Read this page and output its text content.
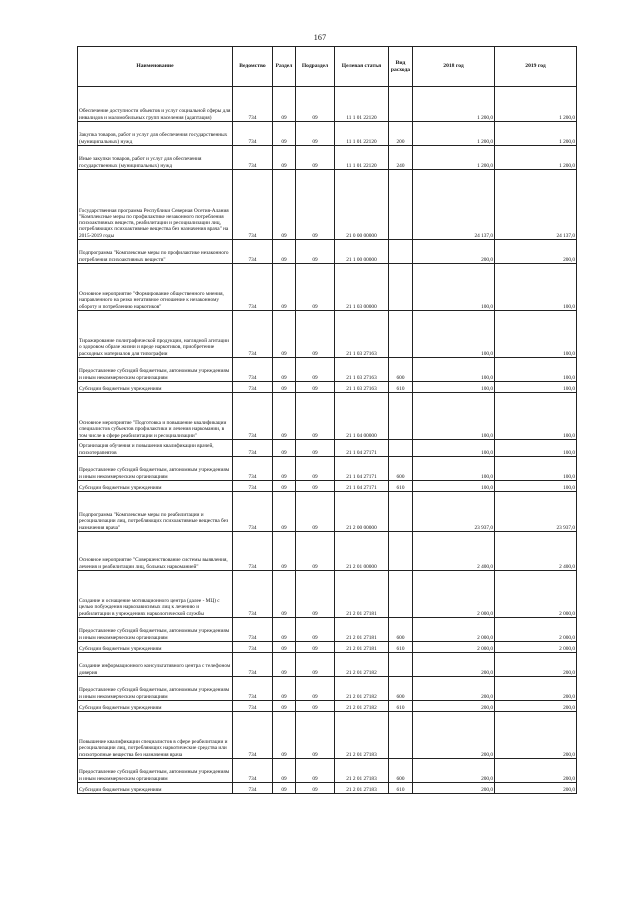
167
Наименование	Ведомство	Раздел	Подраздел	Целевая статья	Вид расхода	2018 год	2019 год
Обеспечение доступности объектов и услуг социальной сферы для инвалидов и маломобильных групп населения (адаптация)	734	09	09	11 1 01 22120		1 200,0	1 200,0
Закупка товаров, работ и услуг для обеспечения государственных (муниципальных) нужд	734	09	09	11 1 01 22120	200	1 200,0	1 200,0
Иные закупки товаров, работ и услуг для обеспечения государственных (муниципальных) нужд	734	09	09	11 1 01 22120	240	1 200,0	1 200,0
Государственная программа Республики Северная Осетия-Алания "Комплексные меры по профилактике незаконного потребления психоактивных веществ, реабилитации и ресоциализации лиц, потребляющих психоактивные вещества без назначения врача" на 2015-2019 годы	734	09	09	21 0 00 00000		24 137,0	24 137,0
Подпрограмма "Комплексные меры по профилактике незаконного потребления психоактивных веществ"	734	09	09	21 1 00 00000		200,0	200,0
Основное мероприятие "Формирование общественного мнения, направленного на резко негативное отношение к незаконному обороту и потреблению наркотиков"	734	09	09	21 1 03 00000		100,0	100,0
Тиражирование полиграфической продукции, наглядной агитации о здоровом образе жизни и вреде наркотиков, приобретение расходных материалов для типографии	734	09	09	21 1 03 27163		100,0	100,0
Предоставление субсидий бюджетным, автономным учреждениям и иным некоммерческим организациям	734	09	09	21 1 03 27163	600	100,0	100,0
Субсидии бюджетным учреждениям	734	09	09	21 1 03 27163	610	100,0	100,0
Основное мероприятие "Подготовка и повышение квалификации специалистов субъектов профилактики и лечения наркомании, в том числе в сфере реабилитации и ресоциализации"	734	09	09	21 1 04 00000		100,0	100,0
Организация обучения и повышения квалификации врачей, психотерапевтов	734	09	09	21 1 04 27171		100,0	100,0
Предоставление субсидий бюджетным, автономным учреждениям и иным некоммерческим организациям	734	09	09	21 1 04 27171	600	100,0	100,0
Субсидии бюджетным учреждениям	734	09	09	21 1 04 27171	610	100,0	100,0
Подпрограмма "Комплексные меры по реабилитации и ресоциализации лиц, потребляющих психоактивные вещества без назначения врача"	734	09	09	21 2 00 00000		23 937,0	23 937,0
Основное мероприятие "Совершенствование системы выявления, лечения и реабилитации лиц, больных наркоманией"	734	09	09	21 2 01 00000		2 400,0	2 400,0
Создание и оснащение мотивационного центра (далее - МЦ) с целью побуждения наркозависимых лиц к лечению и реабилитации в учреждениях наркологической службы	734	09	09	21 2 01 27181		2 000,0	2 000,0
Предоставление субсидий бюджетным, автономным учреждениям и иным некоммерческим организациям	734	09	09	21 2 01 27181	600	2 000,0	2 000,0
Субсидии бюджетным учреждениям	734	09	09	21 2 01 27181	610	2 000,0	2 000,0
Создание информационного консультативного центра с телефоном доверия	734	09	09	21 2 01 27182		200,0	200,0
Предоставление субсидий бюджетным, автономным учреждениям и иным некоммерческим организациям	734	09	09	21 2 01 27182	600	200,0	200,0
Субсидии бюджетным учреждениям	734	09	09	21 2 01 27182	610	200,0	200,0
Повышение квалификации специалистов в сфере реабилитации и ресоциализации лиц, потребляющих наркотические средства или психотропные вещества без назначения врача	734	09	09	21 2 01 27183		200,0	200,0
Предоставление субсидий бюджетным, автономным учреждениям и иным некоммерческим организациям	734	09	09	21 2 01 27183	600	200,0	200,0
Субсидии бюджетным учреждениям	734	09	09	21 2 01 27183	610	200,0	200,0
